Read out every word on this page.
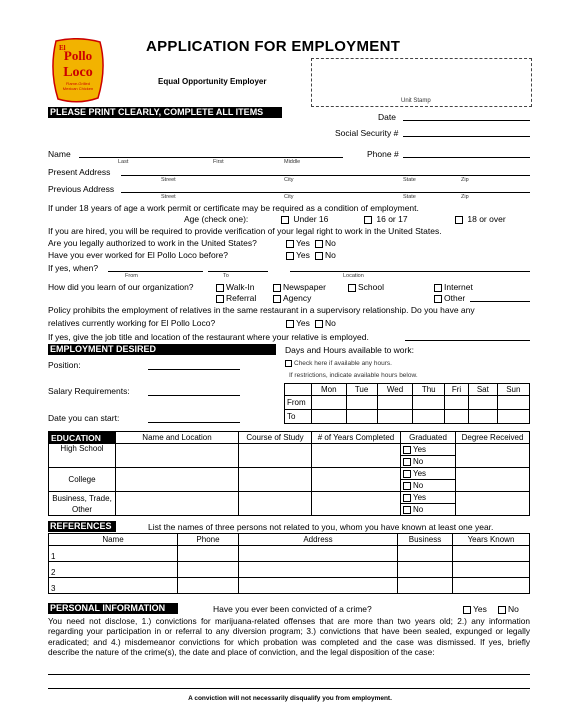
Pollo
Loco
El
Flame-Grilled
Mexican Chicken
APPLICATION FOR EMPLOYMENT
Equal Opportunity Employer
Unit Stamp
PLEASE PRINT CLEARLY, COMPLETE ALL ITEMS	Date
Social Security #
Name
Last	First	Middle
Phone #
Present Address
Street	City	State	Zip
Previous Address
Street	City	State	Zip
If under 18 years of age a work permit or certificate may be required as a condition of employment.
Age (check one):	Under 16	16 or 17	18 or over
If you are hired, you will be required to provide verification of your legal right to work in the United States.
Are you legally authorized to work in the United States?	Yes	No
Have you ever worked for El Pollo Loco before?	Yes	No
If yes, when?
From	To	Location
How did you learn of our organization?	Walk-In	Newspaper	School	Internet
Referral	Agency	Other
Policy prohibits the employment of relatives in the same restaurant in a supervisory relationship. Do you have any
relatives currently working for El Pollo Loco?	Yes	No
If yes, give the job title and location of the restaurant where your relative is employed.
EMPLOYMENT DESIRED	Days and Hours available to work:
Position:	Check here if available any hours.
If restrictions, indicate available hours below.
Salary Requirements:
Date you can start:
	Mon	Tue	Wed	Thu	Fri	Sat	Sun
From							
To							
EDUCATION	Name and Location	Course of Study	# of Years Completed	Graduated	Degree Received
High School				Yes	
				No	
College				Yes	
				No	
Business, Trade, Other				Yes	
				No	
REFERENCES	List the names of three persons not related to you, whom you have known at least one year.
Name	Phone	Address	Business	Years Known
1				
2				
3				
PERSONAL INFORMATION	Have you ever been convicted of a crime?	Yes	No
You need not disclose, 1.) convictions for marijuana-related offenses that are more than two years old; 2.) any information regarding your participation in or referral to any diversion program; 3.) convictions that have been sealed, expunged or legally eradicated; and 4.) misdemeanor convictions for which probation was completed and the case was dismissed. If yes, briefly describe the nature of the crime(s), the date and place of conviction, and the legal disposition of the case:
A conviction will not necessarily disqualify you from employment.
